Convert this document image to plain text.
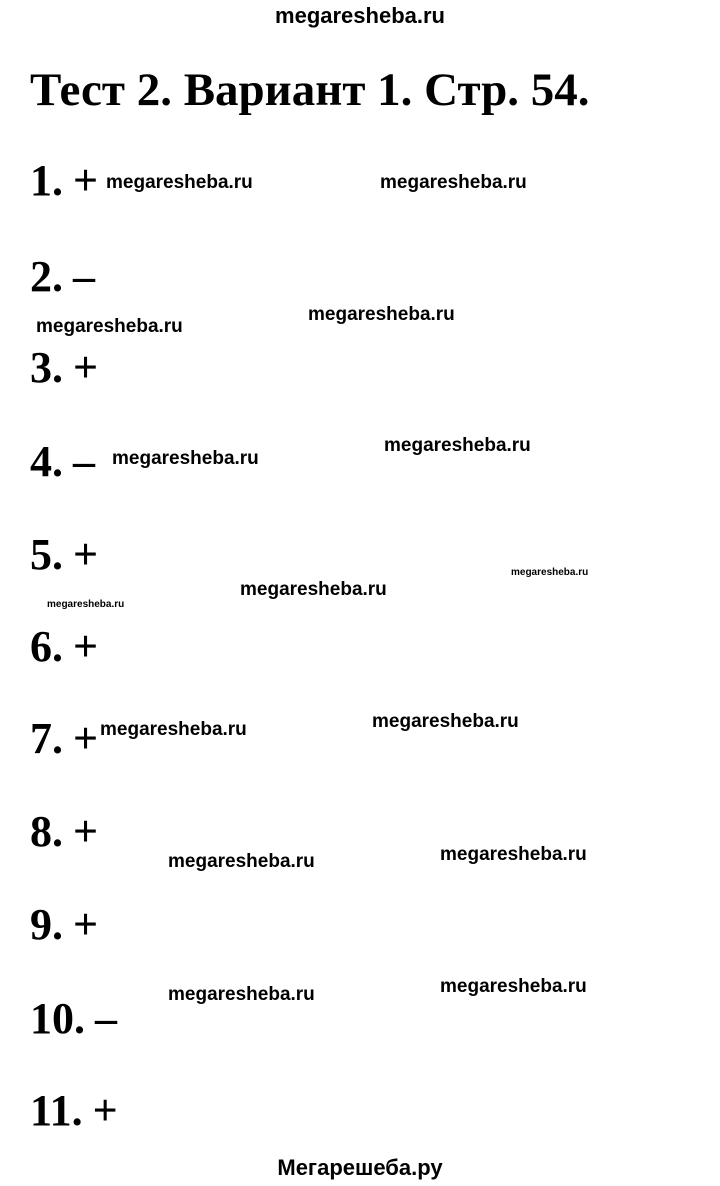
megaresheba.ru
Тест 2. Вариант 1. Стр. 54.
1. +
2. –
3. +
4. –
5. +
6. +
7. +
8. +
9. +
10. –
11. +
megaresheba.ru	megaresheba.ru
megaresheba.ru
megaresheba.ru
megaresheba.ru
megaresheba.ru
megaresheba.ru
megaresheba.ru
megaresheba.ru
megaresheba.ru
megaresheba.ru
megaresheba.ru
megaresheba.ru
megaresheba.ru
megaresheba.ru
Мегарешеба.ру
